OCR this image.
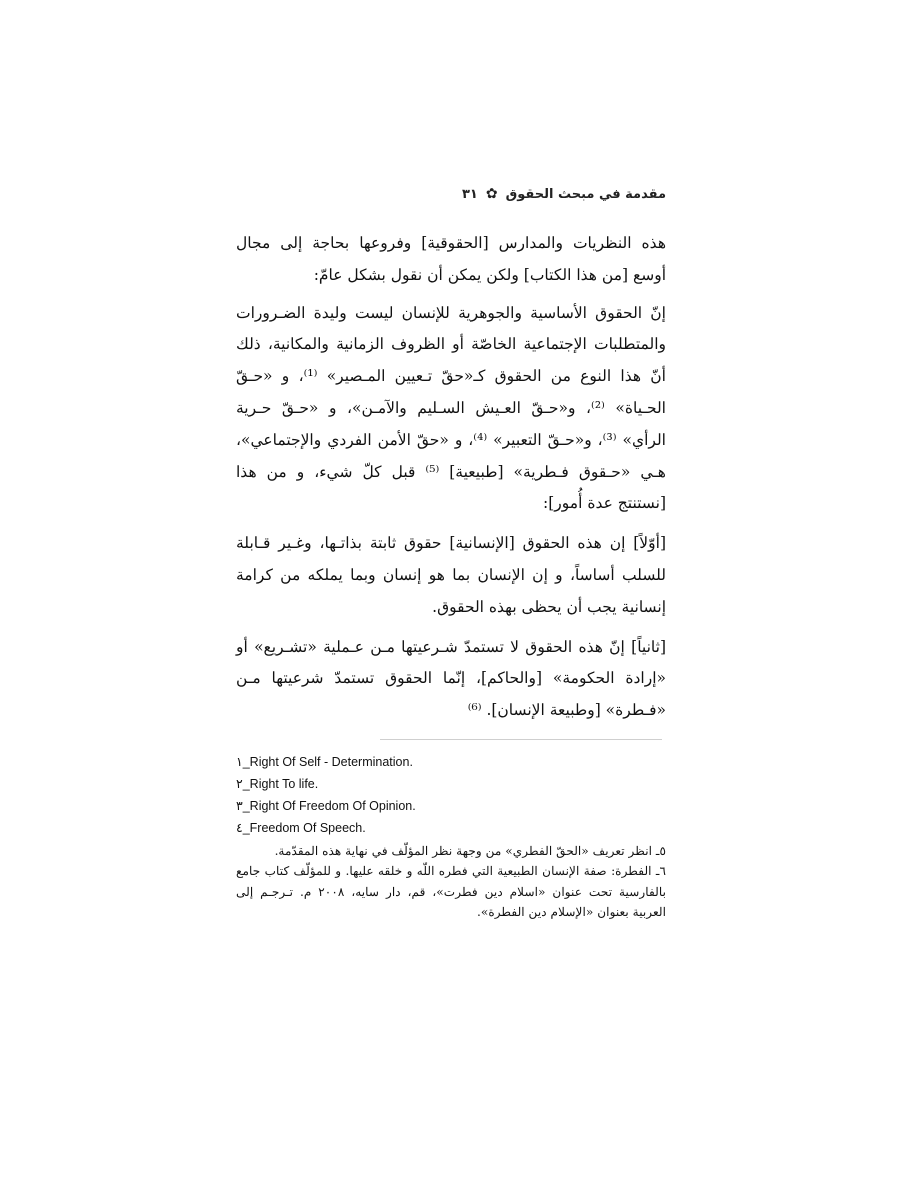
مقدمة في مبحث الحقوق
✿
٣١

هذه النظريات والمدارس [الحقوقية] وفروعها بحاجة إلى مجال أوسع [من هذا الكتاب] ولكن يمكن أن نقول بشكل عامّ:

إنّ الحقوق الأساسية والجوهرية للإنسان ليست وليدة الضـرورات والمتطلبات الإجتماعية الخاصّة أو الظروف الزمانية والمكانية، ذلك أنّ هذا النوع من الحقوق كـ«حقّ تـعيين المـصير» ⁽¹⁾، و «حـقّ الحـياة» ⁽²⁾، و«حـقّ العـيش السـليم والآمـن»، و «حـقّ حـرية الرأي» ⁽³⁾، و«حـقّ التعبير» ⁽⁴⁾، و «حقّ الأمن الفردي والإجتماعي»، هـي «حـقوق فـطرية» [طبيعية] ⁽⁵⁾ قبل كلّ شيء، و من هذا [نستنتج عدة أُمور]:

[أوّلاً] إن هذه الحقوق [الإنسانية] حقوق ثابتة بذاتـها، وغـير قـابلة للسلب أساساً، و إن الإنسان بما هو إنسان وبما يملكه من كرامة إنسانية يجب أن يحظى بهذه الحقوق.

[ثانياً] إنّ هذه الحقوق لا تستمدّ شـرعيتها مـن عـملية «تشـريع» أو «إرادة الحكومة» [والحاكم]، إنّما الحقوق تستمدّ شرعيتها مـن «فـطرة» [وطبيعة الإنسان]. ⁽⁶⁾

١_Right Of Self - Determination.
٢_Right To life.
٣_Right Of Freedom Of Opinion.
٤_Freedom Of Speech.

٥ـ انظر تعريف «الحقّ الفطري» من وجهة نظر المؤلّف في نهاية هذه المقدّمة.

٦ـ الفطرة: صفة الإنسان الطبيعية التي فطره اللّه و خلقه عليها. و للمؤلّف كتاب جامع بالفارسية تحت عنوان «اسلام دين فطرت»، قم، دار سايه، ٢٠٠٨ م. تـرجـم إلى العربية بعنوان «الإسلام دين الفطرة».
